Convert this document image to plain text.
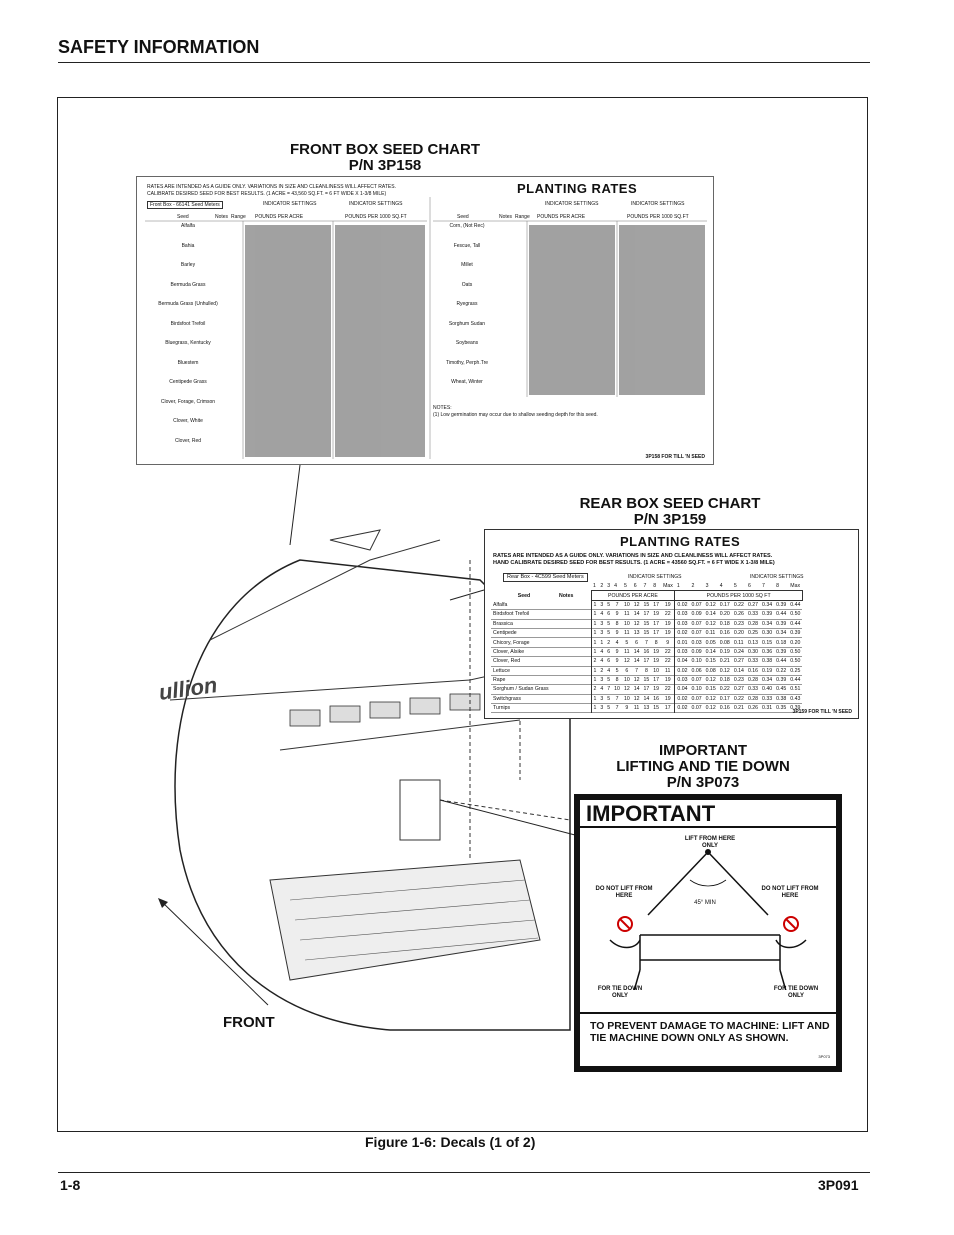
SAFETY INFORMATION
FRONT BOX SEED CHART
P/N 3P158
RATES ARE INTENDED AS A GUIDE ONLY. VARIATIONS IN SIZE AND CLEANLINESS WILL AFFECT RATES.
CALIBRATE DESIRED SEED FOR BEST RESULTS. (1 ACRE = 43,560 SQ.FT. = 6 FT WIDE X 1-3/8 MILE)	PLANTING RATES
Front Box - 66141 Seed Meters	INDICATOR SETTINGS	INDICATOR SETTINGS	INDICATOR SETTINGS	INDICATOR SETTINGS
POUNDS PER ACRE	POUNDS PER 1000 SQ.FT	POUNDS PER ACRE	POUNDS PER 1000 SQ.FT
Seed	Notes Range	Seed	Notes Range
Alfalfa
Bahia
Barley
Bermuda Grass
Bermuda Grass (Unhulled)
Birdsfoot Trefoil
Bluegrass, Kentucky
Bluestem
Centipede Grass
Clover, Forage, Crimson
Clover, White
Clover, Red
Corn, (Not Rec)
Fescue, Tall
Millet
Oats
Ryegrass
Sorghum Sudan
Soybeans
Timothy, Perph.Tre
Wheat, Winter
NOTES:
(1) Low germination may occur due to shallow seeding depth for this seed.
3P158 FOR TILL 'N SEED
REAR BOX SEED CHART
P/N 3P159
ullion
PLANTING RATES
RATES ARE INTENDED AS A GUIDE ONLY. VARIATIONS IN SIZE AND CLEANLINESS WILL AFFECT RATES.
HAND CALIBRATE DESIRED SEED FOR BEST RESULTS. (1 ACRE = 43560 SQ.FT. = 6 FT WIDE X 1-3/8 MILE)
Rear Box - 4C599 Seed Meters	INDICATOR SETTINGS	INDICATOR SETTINGS
		1	2	3	4	5	6	7	8	Max	1	2	3	4	5	6	7	8	Max
Seed	Notes	POUNDS PER ACRE									POUNDS PER 1000 SQ FT								
Alfalfa		1	3	5	7	10	12	15	17	19	0.02	0.07	0.12	0.17	0.22	0.27	0.34	0.39	0.44
Birdsfoot Trefoil		1	4	6	9	11	14	17	19	22	0.03	0.09	0.14	0.20	0.26	0.33	0.39	0.44	0.50
Brassica		1	3	5	8	10	12	15	17	19	0.03	0.07	0.12	0.18	0.23	0.28	0.34	0.39	0.44
Centipede		1	3	5	9	11	13	15	17	19	0.02	0.07	0.11	0.16	0.20	0.25	0.30	0.34	0.39
Chicory, Forage		1	1	2	4	5	6	7	8	9	0.01	0.03	0.05	0.08	0.11	0.13	0.15	0.18	0.20
Clover, Alsike		1	4	6	9	11	14	16	19	22	0.03	0.09	0.14	0.19	0.24	0.30	0.36	0.39	0.50
Clover, Red		2	4	6	9	12	14	17	19	22	0.04	0.10	0.15	0.21	0.27	0.33	0.38	0.44	0.50
Lettuce		1	2	4	5	6	7	8	10	11	0.02	0.06	0.08	0.12	0.14	0.16	0.19	0.22	0.25
Rape		1	3	5	8	10	12	15	17	19	0.03	0.07	0.12	0.18	0.23	0.28	0.34	0.39	0.44
Sorghum / Sudan Grass		2	4	7	10	12	14	17	19	22	0.04	0.10	0.15	0.22	0.27	0.33	0.40	0.45	0.51
Switchgrass		1	3	5	7	10	12	14	16	19	0.02	0.07	0.12	0.17	0.22	0.28	0.33	0.38	0.43
Turnips		1	3	5	7	9	11	13	15	17	0.02	0.07	0.12	0.16	0.21	0.26	0.31	0.35	0.39
3P159 FOR TILL 'N SEED
IMPORTANT
LIFTING AND TIE DOWN
P/N 3P073
IMPORTANT
LIFT FROM HERE ONLY
DO NOT LIFT FROM HERE
DO NOT LIFT FROM HERE
45° MIN
FOR TIE DOWN ONLY
FOR TIE DOWN ONLY
TO PREVENT DAMAGE TO MACHINE: LIFT AND TIE MACHINE DOWN ONLY AS SHOWN.
3P073
FRONT
Figure 1-6: Decals (1 of 2)
1-8	3P091
